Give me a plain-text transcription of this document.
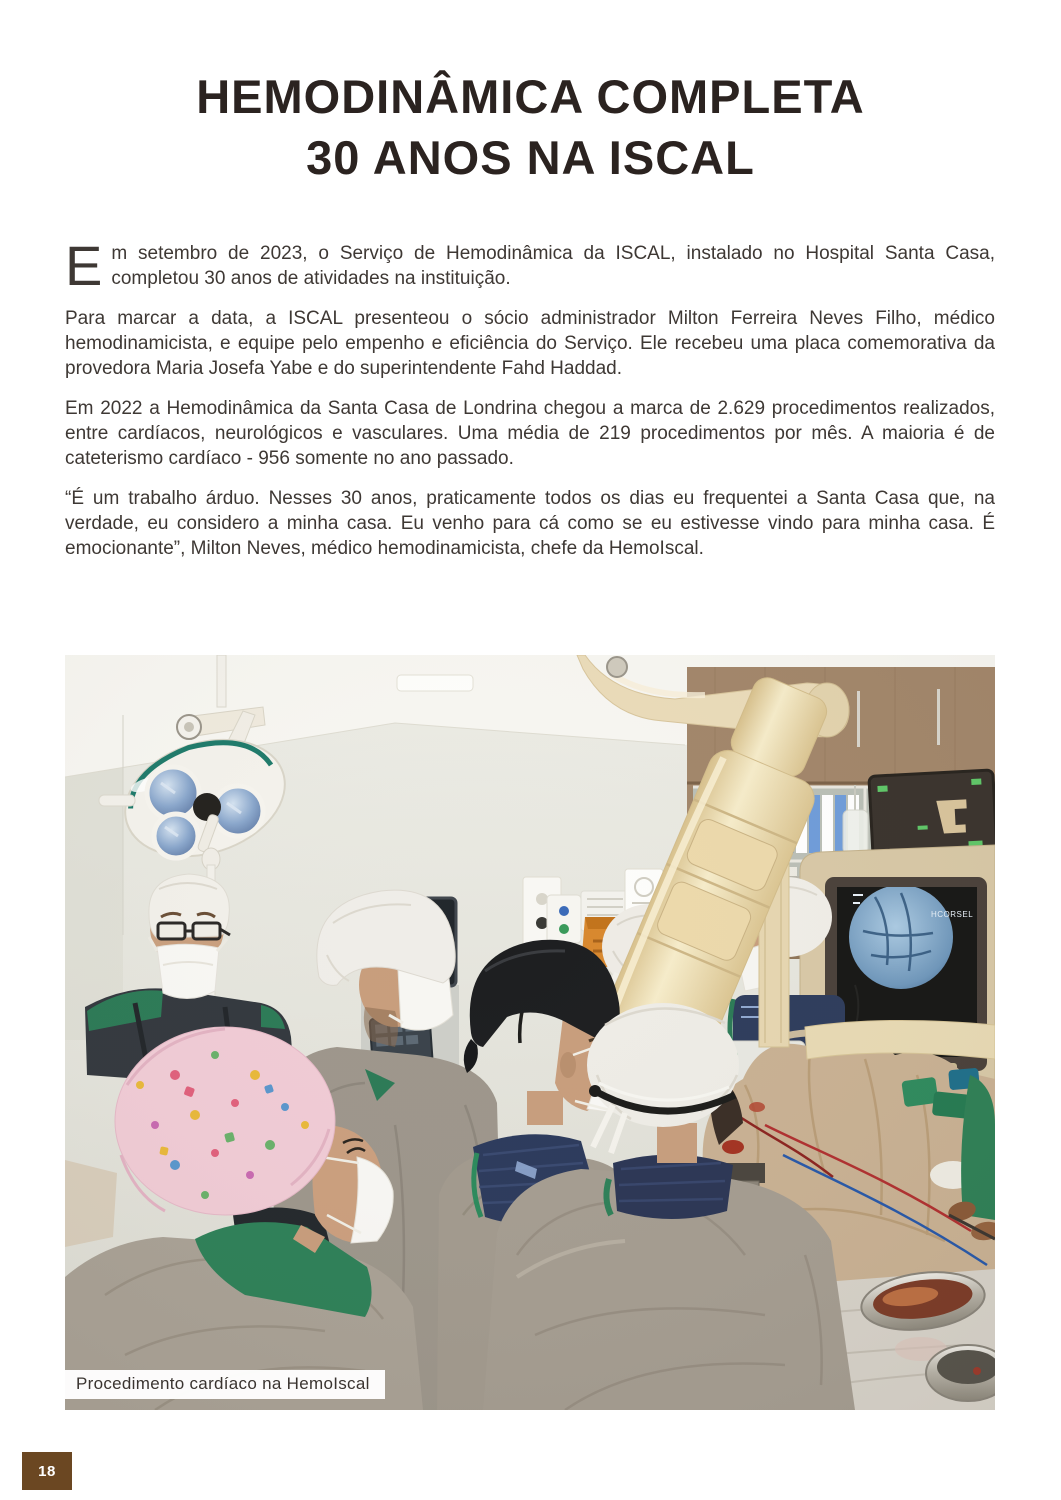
HEMODINÂMICA COMPLETA
30 ANOS NA ISCAL

Em setembro de 2023, o Serviço de Hemodinâmica da ISCAL, instalado no Hospital Santa Casa, completou 30 anos de atividades na instituição.

Para marcar a data, a ISCAL presenteou o sócio administrador Milton Ferreira Neves Filho, médico hemodinamicista, e equipe pelo empenho e eficiência do Serviço. Ele recebeu uma placa comemorativa da provedora Maria Josefa Yabe e do superintendente Fahd Haddad.

Em 2022 a Hemodinâmica da Santa Casa de Londrina chegou a marca de 2.629 procedimentos realizados, entre cardíacos, neurológicos e vasculares. Uma média de 219 procedimentos por mês. A maioria é de cateterismo cardíaco - 956 somente no ano passado.

“É um trabalho árduo. Nesses 30 anos, praticamente todos os dias eu frequentei a Santa Casa que, na verdade, eu considero a minha casa. Eu venho para cá como se eu estivesse vindo para minha casa. É emocionante”, Milton Neves, médico hemodinamicista, chefe da HemoIscal.

Procedimento cardíaco na HemoIscal
18
